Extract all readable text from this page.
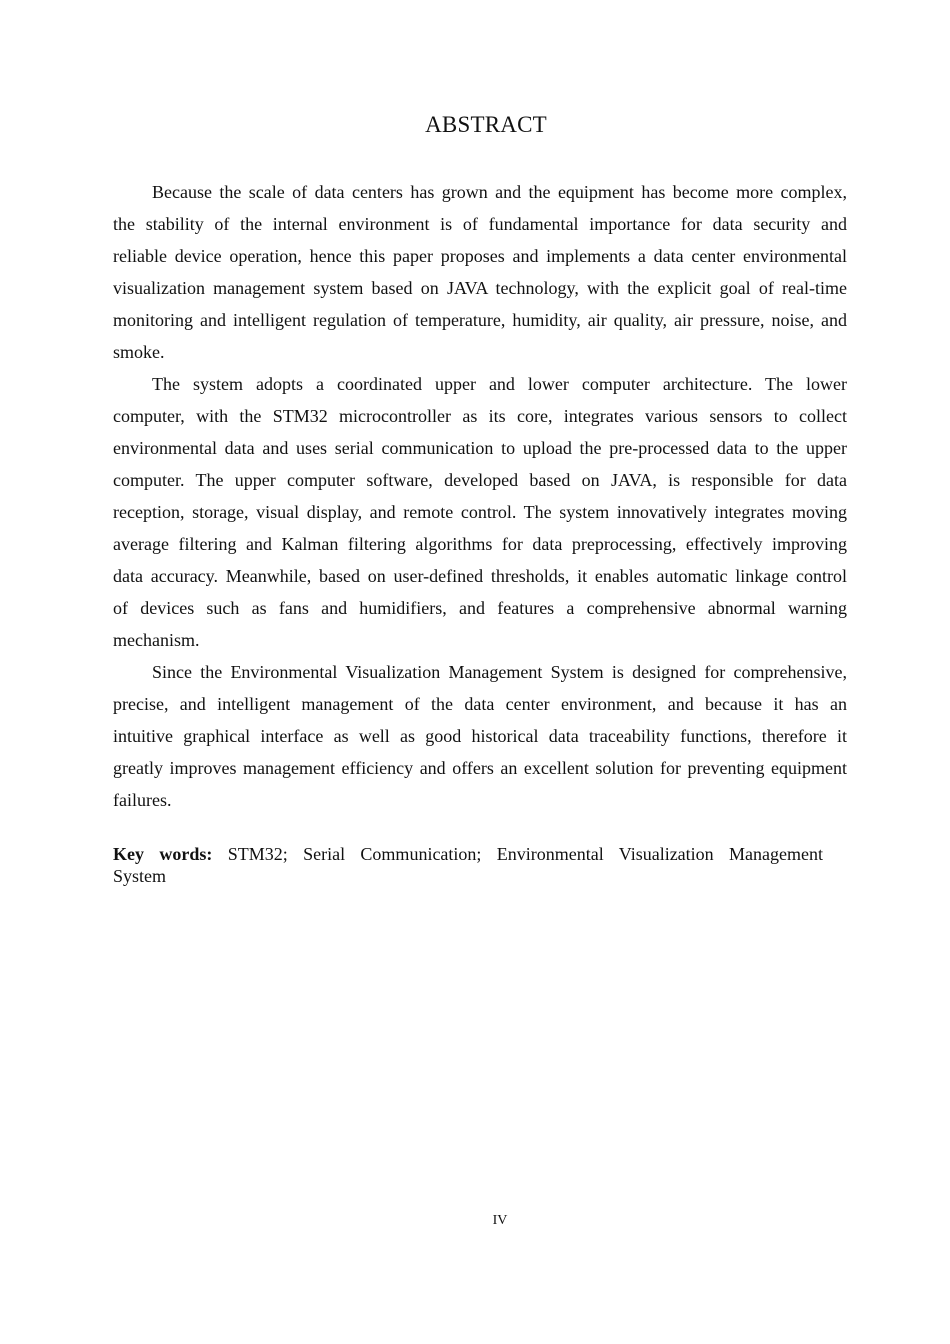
ABSTRACT

Because the scale of data centers has grown and the equipment has become more complex, the stability of the internal environment is of fundamental importance for data security and reliable device operation, hence this paper proposes and implements a data center environmental visualization management system based on JAVA technology, with the explicit goal of real-time monitoring and intelligent regulation of temperature, humidity, air quality, air pressure, noise, and smoke.

The system adopts a coordinated upper and lower computer architecture. The lower computer, with the STM32 microcontroller as its core, integrates various sensors to collect environmental data and uses serial communication to upload the pre-processed data to the upper computer. The upper computer software, developed based on JAVA, is responsible for data reception, storage, visual display, and remote control. The system innovatively integrates moving average filtering and Kalman filtering algorithms for data preprocessing, effectively improving data accuracy. Meanwhile, based on user-defined thresholds, it enables automatic linkage control of devices such as fans and humidifiers, and features a comprehensive abnormal warning mechanism.

Since the Environmental Visualization Management System is designed for comprehensive, precise, and intelligent management of the data center environment, and because it has an intuitive graphical interface as well as good historical data traceability functions, therefore it greatly improves management efficiency and offers an excellent solution for preventing equipment failures.

Key words: STM32; Serial Communication; Environmental Visualization Management System
IV
